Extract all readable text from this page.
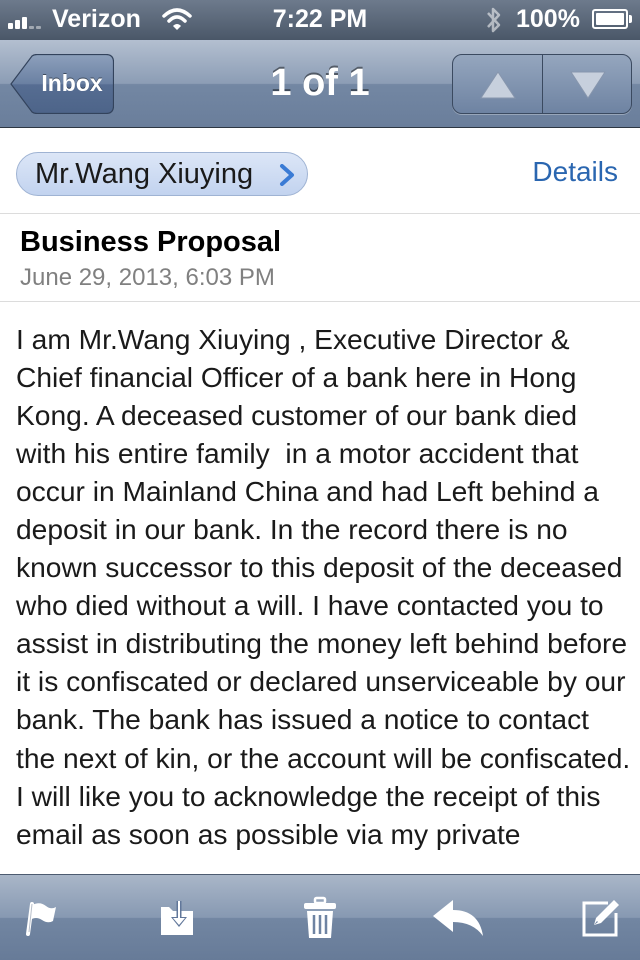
Verizon	7:22 PM	100%
Inbox	1 of 1
Mr.Wang Xiuying	Details
Business Proposal
June 29, 2013, 6:03 PM
I am Mr.Wang Xiuying , Executive Director & Chief financial Officer of a bank here in Hong Kong. A deceased customer of our bank died with his entire family  in a motor accident that occur in Mainland China and had Left behind a deposit in our bank. In the record there is no known successor to this deposit of the deceased who died without a will. I have contacted you to assist in distributing the money left behind before it is confiscated or declared unserviceable by our bank. The bank has issued a notice to contact the next of kin, or the account will be confiscated. I will like you to acknowledge the receipt of this email as soon as possible via my private
